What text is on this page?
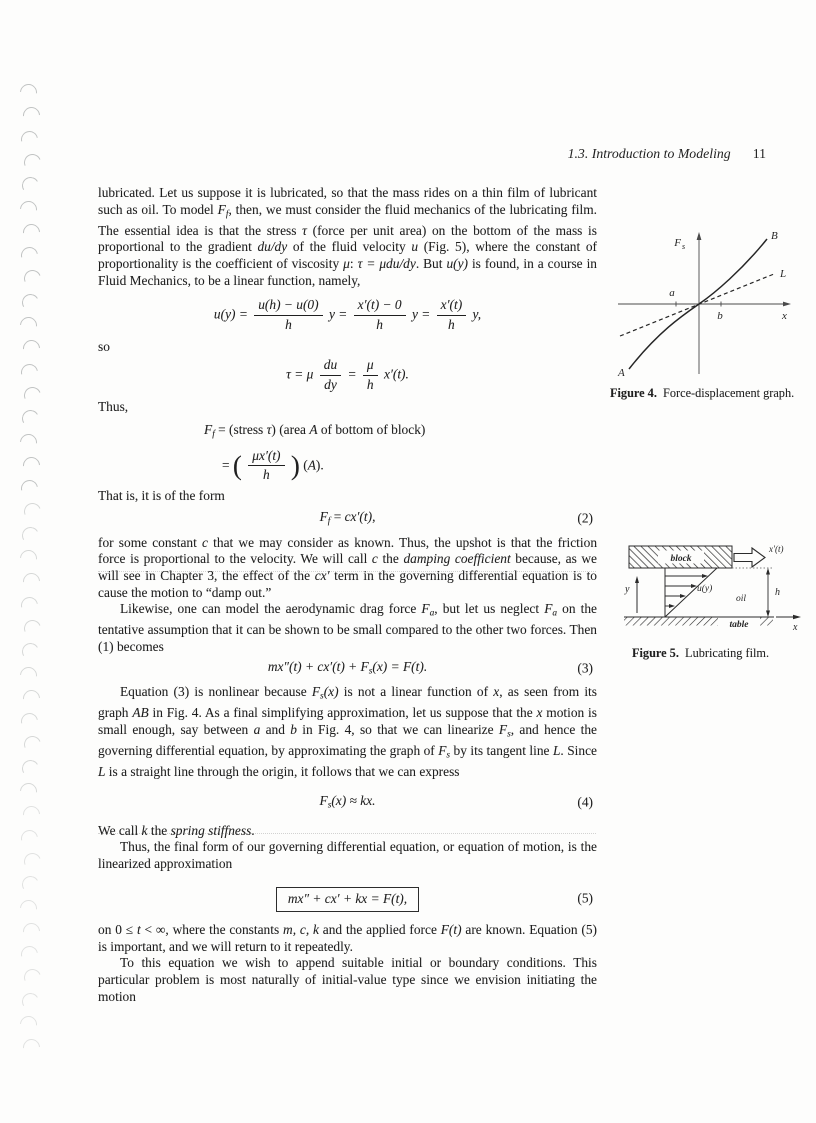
1.3. Introduction to Modeling 11

lubricated. Let us suppose it is lubricated, so that the mass rides on a thin film of lubricant such as oil. To model Ff, then, we must consider the fluid mechanics of the lubricating film. The essential idea is that the stress τ (force per unit area) on the bottom of the mass is proportional to the gradient du/dy of the fluid velocity u (Fig. 5), where the constant of proportionality is the coefficient of viscosity μ: τ = μdu/dy. But u(y) is found, in a course in Fluid Mechanics, to be a linear function, namely,

$u(y) = \frac{u(h) - u(0)}{h}$ $y = \frac{x'(t) - 0}{h}$ $y = \frac{x'(t)}{h} y$,

so

τ = μ $\frac{du}{dy} = \frac{\mu}{h} x'(t)$.

Thus,

Ff = (stress τ) (area A of bottom of block)
= ( $\frac{\mu x'(t)}{h}$ ) (A).

That is, it is of the form

Ff = cx′(t),	(2)

for some constant c that we may consider as known. Thus, the upshot is that the friction force is proportional to the velocity. We will call c the damping coefficient because, as we will see in Chapter 3, the effect of the cx′ term in the governing differential equation is to cause the motion to “damp out.”

Likewise, one can model the aerodynamic drag force Fa, but let us neglect Fa on the tentative assumption that it can be shown to be small compared to the other two forces. Then (1) becomes

mx″(t) + cx′(t) + Fs(x) = F(t).	(3)

Equation (3) is nonlinear because Fs(x) is not a linear function of x, as seen from its graph AB in Fig. 4. As a final simplifying approximation, let us suppose that the x motion is small enough, say between a and b in Fig. 4, so that we can linearize Fs, and hence the governing differential equation, by approximating the graph of Fs by its tangent line L. Since L is a straight line through the origin, it follows that we can express

Fs(x) ≈ kx.	(4)

We call k the spring stiffness.

Thus, the final form of our governing differential equation, or equation of motion, is the linearized approximation

mx″ + cx′ + kx = F(t),	(5)

on 0 ≤ t < ∞, where the constants m, c, k and the applied force F(t) are known. Equation (5) is important, and we will return to it repeatedly.

To this equation we wish to append suitable initial or boundary conditions. This particular problem is most naturally of initial-value type since we envision initiating the motion

F s
B
L
a
b	x
A
Figure 4.  Force-displacement graph.
block
x′(t)
y	u(y)
oil
h
table	x
Figure 5.  Lubricating film.
